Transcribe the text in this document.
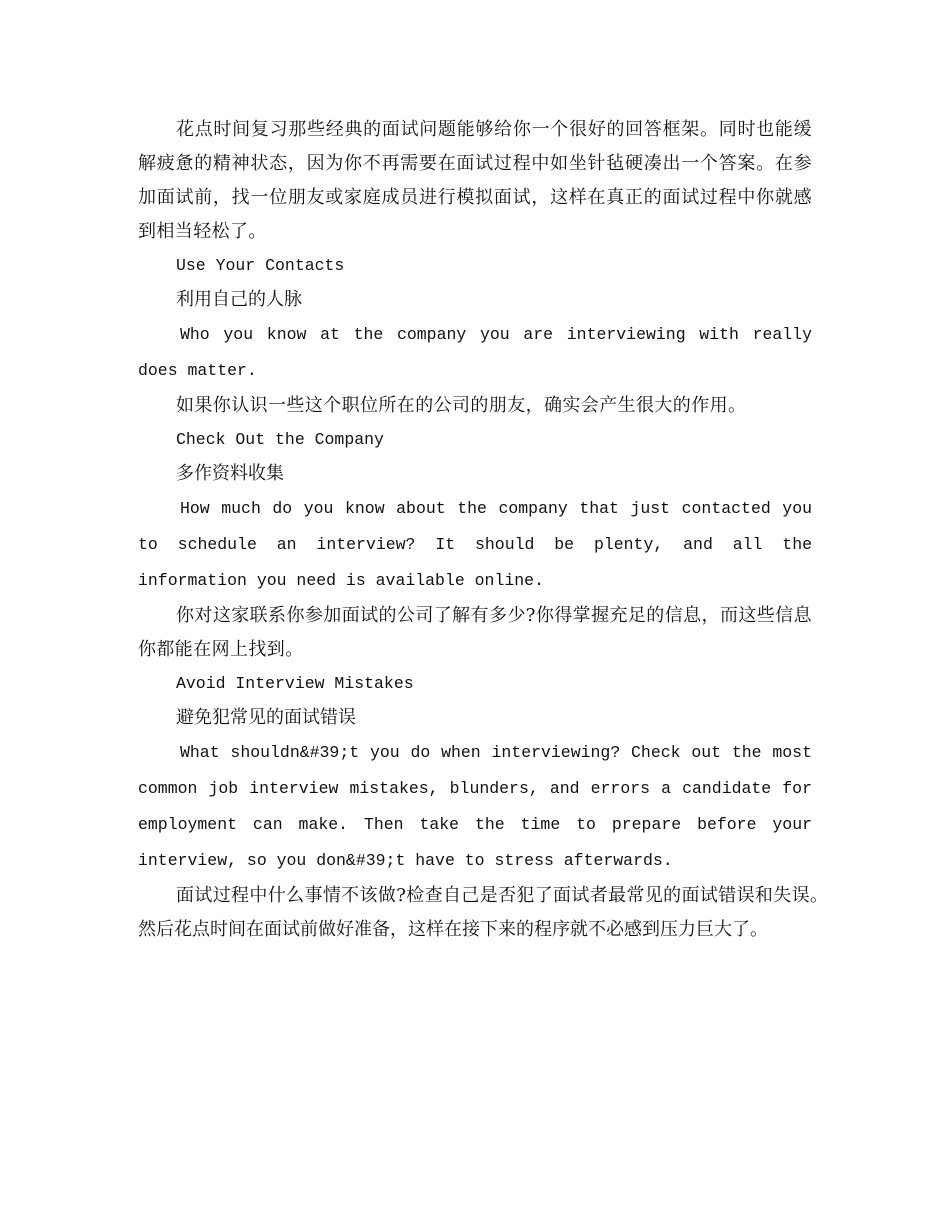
花点时间复习那些经典的面试问题能够给你一个很好的回答框架。同时也能缓解疲惫的精神状态，因为你不再需要在面试过程中如坐针毡硬凑出一个答案。在参加面试前，找一位朋友或家庭成员进行模拟面试，这样在真正的面试过程中你就感到相当轻松了。

Use Your Contacts

利用自己的人脉

Who you know at the company you are interviewing with really does matter.

如果你认识一些这个职位所在的公司的朋友，确实会产生很大的作用。

Check Out the Company

多作资料收集

How much do you know about the company that just contacted you to schedule an interview? It should be plenty, and all the information you need is available online.

你对这家联系你参加面试的公司了解有多少?你得掌握充足的信息，而这些信息你都能在网上找到。

Avoid Interview Mistakes

避免犯常见的面试错误

What shouldn&#39;t you do when interviewing? Check out the most common job interview mistakes, blunders, and errors a candidate for employment can make. Then take the time to prepare before your interview, so you don&#39;t have to stress afterwards.

面试过程中什么事情不该做?检查自己是否犯了面试者最常见的面试错误和失误。然后花点时间在面试前做好准备，这样在接下来的程序就不必感到压力巨大了。
